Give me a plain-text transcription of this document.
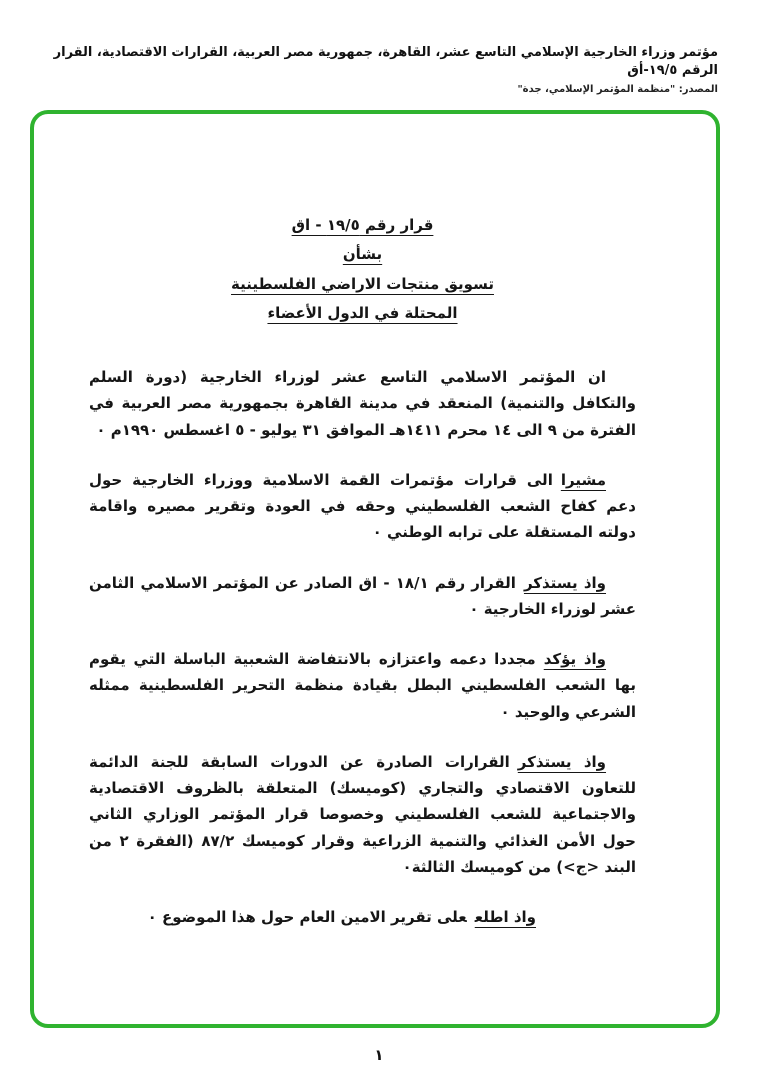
مؤتمر وزراء الخارجية الإسلامي التاسع عشر، القاهرة، جمهورية مصر العربية، القرارات الاقتصادية، القرار الرقم ١٩/٥-أق
المصدر: "منظمة المؤتمر الإسلامي، جدة"
قرار رقم ١٩/٥ - اق
بشأن
تسويق منتجات الاراضي الفلسطينية
المحتلة في الدول الأعضاء

ان المؤتمر الاسلامي التاسع عشر لوزراء الخارجية (دورة السلم والتكافل والتنمية) المنعقد في مدينة القاهرة بجمهورية مصر العربية في الفترة من ٩ الى ١٤ محرم ١٤١١هـ الموافق ٣١ يوليو - ٥ اغسطس ١٩٩٠م ٠

مشيراالى قرارات مؤتمرات القمة الاسلامية ووزراء الخارجية حول دعم كفاح الشعب الفلسطيني وحقه في العودة وتقرير مصيره واقامة دولته المستقلة على ترابه الوطني ٠

واذ يستذكرالقرار رقم ١٨/١ - اق الصادر عن المؤتمر الاسلامي الثامن عشر لوزراء الخارجية ٠

واذ يؤكدمجددا دعمه واعتزازه بالانتفاضة الشعبية الباسلة التي يقوم بها الشعب الفلسطيني البطل بقيادة منظمة التحرير الفلسطينية ممثله الشرعي والوحيد ٠

واذ يستذكرالقرارات الصادرة عن الدورات السابقة للجنة الدائمة للتعاون الاقتصادي والتجاري (كوميسك) المتعلقة بالظروف الاقتصادية والاجتماعية للشعب الفلسطيني وخصوصا قرار المؤتمر الوزاري الثاني حول الأمن الغذائي والتنمية الزراعية وقرار كوميسك ٨٧/٢ (الفقرة ٢ من البند <ج>) من كوميسك الثالثة٠

واذ اطلععلى تقرير الامين العام حول هذا الموضوع ٠

١
